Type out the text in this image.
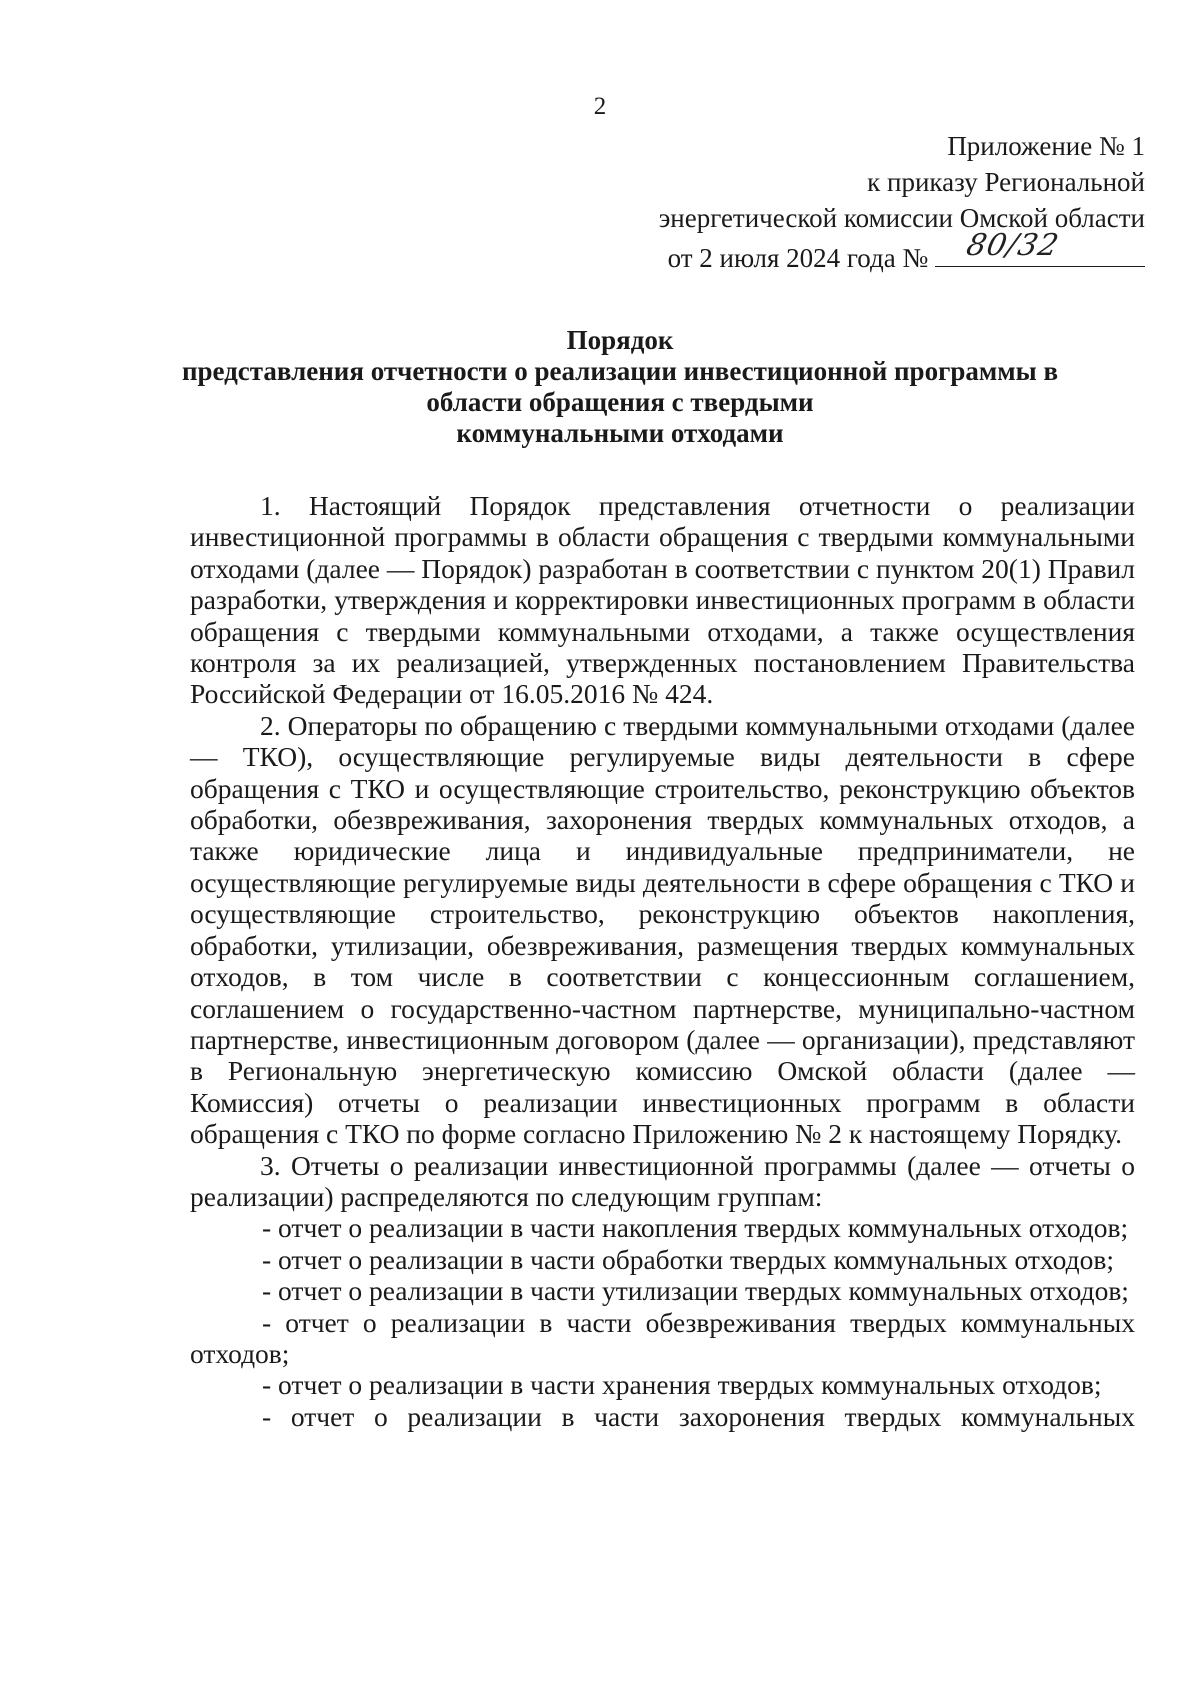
2
Приложение № 1
к приказу Региональной
энергетической комиссии Омской области
от 2 июля 2024 года № 80/32
Порядок
представления отчетности о реализации инвестиционной программы в
области обращения с твердыми
коммунальными отходами

1. Настоящий Порядок представления отчетности о реализации инвестиционной программы в области обращения с твердыми коммунальными отходами (далее — Порядок) разработан в соответствии с пунктом 20(1) Правил разработки, утверждения и корректировки инвестиционных программ в области обращения с твердыми коммунальными отходами, а также осуществления контроля за их реализацией, утвержденных постановлением Правительства Российской Федерации от 16.05.2016 № 424.

2. Операторы по обращению с твердыми коммунальными отходами (далее — ТКО), осуществляющие регулируемые виды деятельности в сфере обращения с ТКО и осуществляющие строительство, реконструкцию объектов обработки, обезвреживания, захоронения твердых коммунальных отходов, а также юридические лица и индивидуальные предприниматели, не осуществляющие регулируемые виды деятельности в сфере обращения с ТКО и осуществляющие строительство, реконструкцию объектов накопления, обработки, утилизации, обезвреживания, размещения твердых коммунальных отходов, в том числе в соответствии с концессионным соглашением, соглашением о государственно-частном партнерстве, муниципально-частном партнерстве, инвестиционным договором (далее — организации), представляют в Региональную энергетическую комиссию Омской области (далее — Комиссия) отчеты о реализации инвестиционных программ в области обращения с ТКО по форме согласно Приложению № 2 к настоящему Порядку.

3. Отчеты о реализации инвестиционной программы (далее — отчеты о реализации) распределяются по следующим группам:

- отчет о реализации в части накопления твердых коммунальных отходов;

- отчет о реализации в части обработки твердых коммунальных отходов;

- отчет о реализации в части утилизации твердых коммунальных отходов;

- отчет о реализации в части обезвреживания твердых коммунальных отходов;

- отчет о реализации в части хранения твердых коммунальных отходов;

- отчет о реализации в части захоронения твердых коммунальных
